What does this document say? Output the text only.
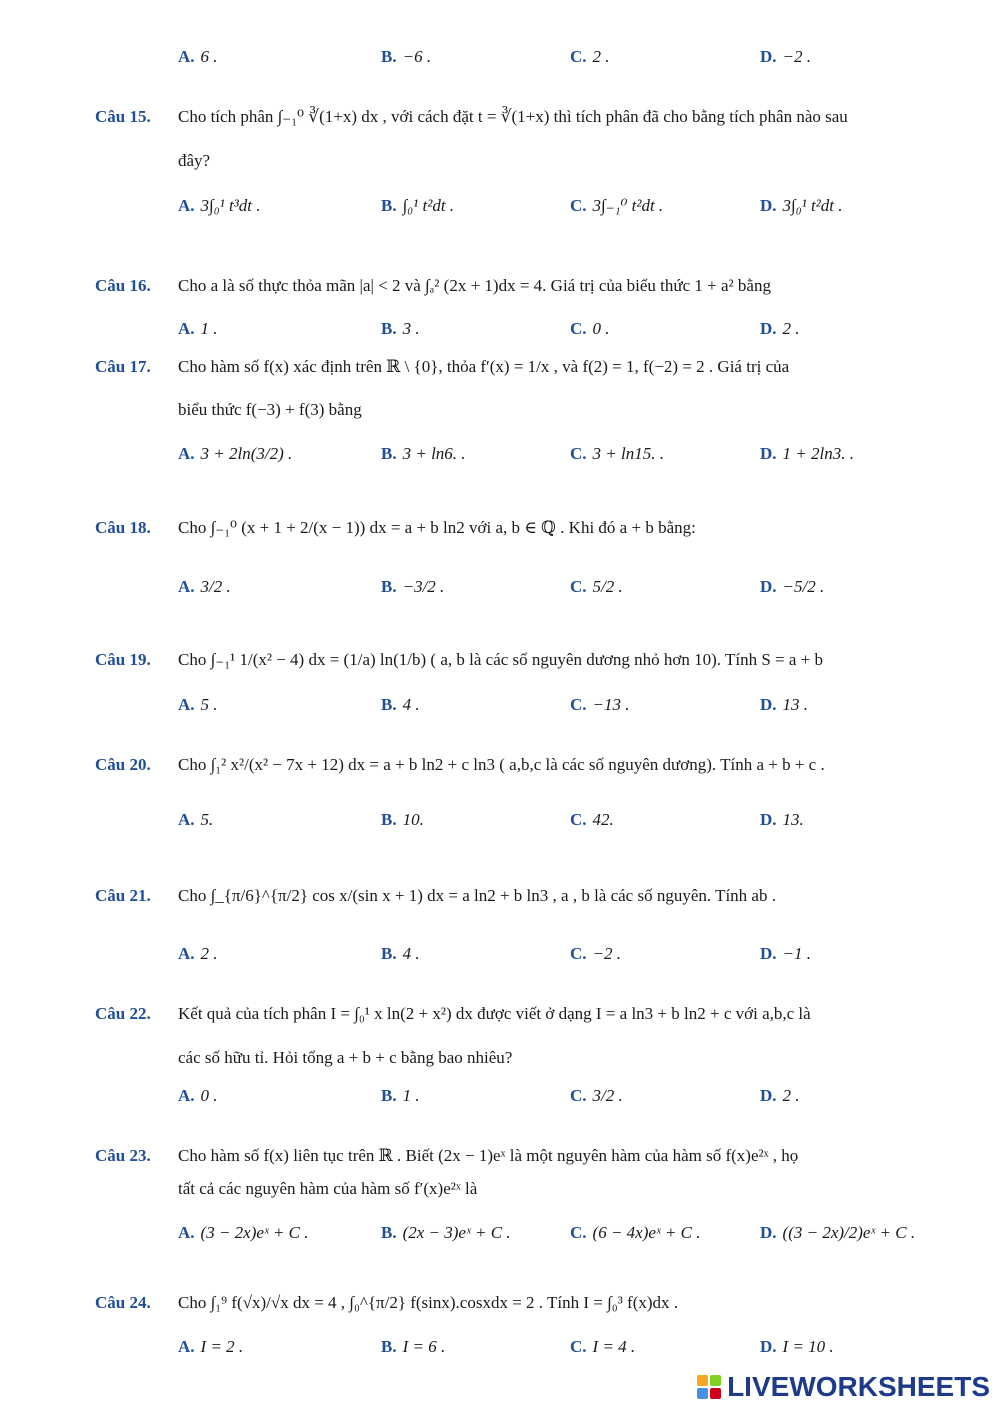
A. 6 .	B. −6 .	C. 2 .	D. −2 .
Câu 15. Cho tích phân ∫₋₁⁰ ∛(1+x) dx , với cách đặt t = ∛(1+x) thì tích phân đã cho bằng tích phân nào sau
đây?
A. 3∫₀¹ t³dt .	B. ∫₀¹ t²dt .	C. 3∫₋₁⁰ t²dt .	D. 3∫₀¹ t²dt .
Câu 16. Cho a là số thực thỏa mãn |a| < 2 và ∫ₐ² (2x + 1)dx = 4. Giá trị của biểu thức 1 + a² bằng
A. 1 .	B. 3 .	C. 0 .	D. 2 .
Câu 17. Cho hàm số f(x) xác định trên ℝ \ {0}, thỏa f′(x) = 1/x , và f(2) = 1, f(−2) = 2 . Giá trị của
biểu thức f(−3) + f(3) bằng
A. 3 + 2ln(3/2) .	B. 3 + ln6. .	C. 3 + ln15. .	D. 1 + 2ln3. .
Câu 18. Cho ∫₋₁⁰ (x + 1 + 2/(x − 1)) dx = a + b ln2 với a, b ∈ ℚ . Khi đó a + b bằng:
A. 3/2 .	B. −3/2 .	C. 5/2 .	D. −5/2 .
Câu 19. Cho ∫₋₁¹ 1/(x² − 4) dx = (1/a) ln(1/b) ( a, b là các số nguyên dương nhỏ hơn 10). Tính S = a + b
A. 5 .	B. 4 .	C. −13 .	D. 13 .
Câu 20. Cho ∫₁² x²/(x² − 7x + 12) dx = a + b ln2 + c ln3 ( a,b,c là các số nguyên dương). Tính a + b + c .
A. 5.	B. 10.	C. 42.	D. 13.
Câu 21. Cho ∫_{π/6}^{π/2} cos x/(sin x + 1) dx = a ln2 + b ln3 , a , b là các số nguyên. Tính ab .
A. 2 .	B. 4 .	C. −2 .	D. −1 .
Câu 22. Kết quả của tích phân I = ∫₀¹ x ln(2 + x²) dx được viết ở dạng I = a ln3 + b ln2 + c với a,b,c là
các số hữu tỉ. Hỏi tổng a + b + c bằng bao nhiêu?
A. 0 .	B. 1 .	C. 3/2 .	D. 2 .
Câu 23. Cho hàm số f(x) liên tục trên ℝ . Biết (2x − 1)eˣ là một nguyên hàm của hàm số f(x)e²ˣ , họ
tất cả các nguyên hàm của hàm số f′(x)e²ˣ là
A. (3 − 2x)eˣ + C .	B. (2x − 3)eˣ + C .	C. (6 − 4x)eˣ + C .	D. ((3 − 2x)/2)eˣ + C .
Câu 24. Cho ∫₁⁹ f(√x)/√x dx = 4 , ∫₀^{π/2} f(sinx).cosxdx = 2 . Tính I = ∫₀³ f(x)dx .
A. I = 2 .	B. I = 6 .	C. I = 4 .	D. I = 10 .
LIVEWORKSHEETS
